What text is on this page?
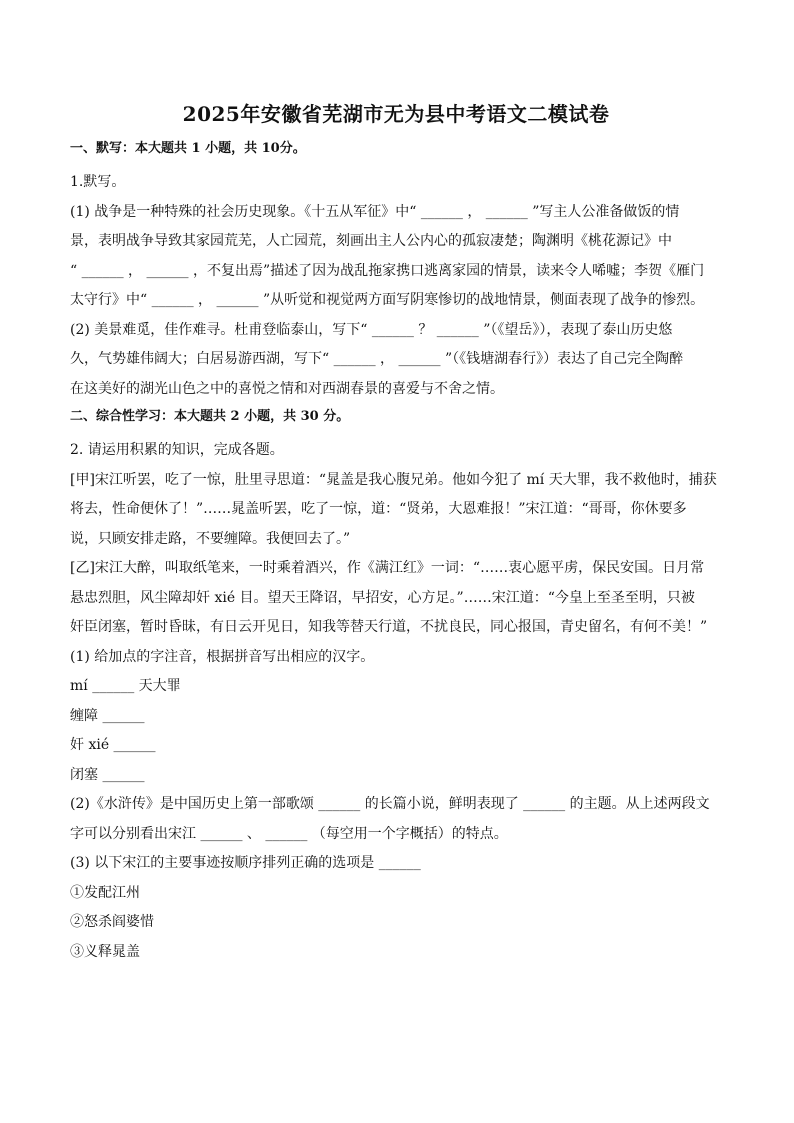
2025年安徽省芜湖市无为县中考语文二模试卷
一、默写：本大题共 1 小题，共 10分。

1.默写。

(1) 战争是一种特殊的社会历史现象。《十五从军征》中“ ______ ， ______ ”写主人公准备做饭的情

景，表明战争导致其家园荒芜，人亡园荒，刻画出主人公内心的孤寂凄楚；陶渊明《桃花源记》中

“ ______ ， ______ ，不复出焉”描述了因为战乱拖家携口逃离家园的情景，读来令人唏嘘；李贺《雁门

太守行》中“ ______ ， ______ ”从听觉和视觉两方面写阴寒惨切的战地情景，侧面表现了战争的惨烈。

(2) 美景难觅，佳作难寻。杜甫登临泰山，写下“ ______ ？ ______ ”（《望岳》），表现了泰山历史悠

久，气势雄伟阔大；白居易游西湖，写下“ ______ ， ______ ”（《钱塘湖春行》）表达了自己完全陶醉

在这美好的湖光山色之中的喜悦之情和对西湖春景的喜爱与不舍之情。

二、综合性学习：本大题共 2 小题，共 30 分。

2. 请运用积累的知识，完成各题。

[甲]宋江听罢，吃了一惊，肚里寻思道：“晁盖是我心腹兄弟。他如今犯了 mí 天大罪，我不救他时，捕获

将去，性命便休了！”……晁盖听罢，吃了一惊，道：“贤弟，大恩难报！”宋江道：“哥哥，你休要多

说，只顾安排走路，不要缠障。我便回去了。”

[乙]宋江大醉，叫取纸笔来，一时乘着酒兴，作《满江红》一词：“……衷心愿平虏，保民安国。日月常

悬忠烈胆，风尘障却奸 xié 目。望天王降诏，早招安，心方足。”……宋江道：“今皇上至圣至明，只被

奸臣闭塞，暂时昏昧，有日云开见日，知我等替天行道，不扰良民，同心报国，青史留名，有何不美！”

(1) 给加点的字注音，根据拼音写出相应的汉字。

mí ______ 天大罪

缠障 ______

奸 xié ______

闭塞 ______

(2)《水浒传》是中国历史上第一部歌颂 ______ 的长篇小说，鲜明表现了 ______ 的主题。从上述两段文

字可以分别看出宋江 ______ 、 ______ （每空用一个字概括）的特点。

(3) 以下宋江的主要事迹按顺序排列正确的选项是 ______

①发配江州

②怒杀阎婆惜

③义释晁盖
